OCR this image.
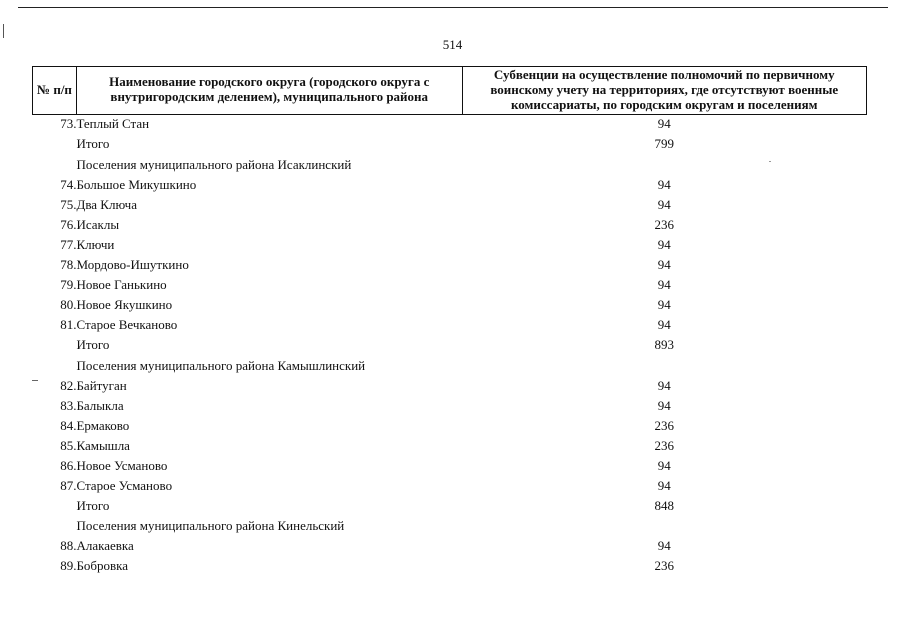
514
№ п/п	Наименование городского округа (городского округа с внутригородским делением), муниципального района	Субвенции на осуществление полномочий по первичному воинскому учету на территориях, где отсутствуют военные комиссариаты, по городским округам и поселениям
73.	Теплый Стан	94
	Итого	799
	Поселения муниципального района Исаклинский	
74.	Большое Микушкино	94
75.	Два Ключа	94
76.	Исаклы	236
77.	Ключи	94
78.	Мордово-Ишуткино	94
79.	Новое Ганькино	94
80.	Новое Якушкино	94
81.	Старое Вечканово	94
	Итого	893
	Поселения муниципального района Камышлинский	
82.	Байтуган	94
83.	Балыкла	94
84.	Ермаково	236
85.	Камышла	236
86.	Новое Усманово	94
87.	Старое Усманово	94
	Итого	848
	Поселения муниципального района Кинельский	
88.	Алакаевка	94
89.	Бобровка	236
